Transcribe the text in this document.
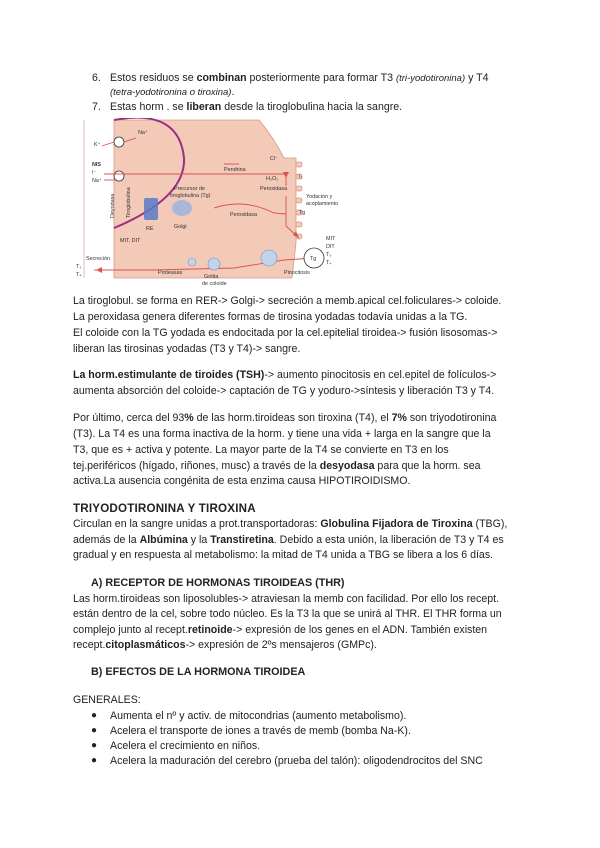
6. Estos residuos se combinan posteriormente para formar T3 (tri-yodotironina) y T4
(tetra-yodotironina o tiroxina).
7. Estas horm . se liberan desde la tiroglobulina hacia la sangre.
Na⁺
K⁺
NIS
I⁻
Na⁺
Cl⁻
Pendrina
H₂O₂
Peroxidasa
I₂
Tg
Yodación y
acoplamiento
Precursor de
tiroglobulina (Tg)
Deyodasa Tiroglobulina
RE	Golgi
Peroxidasa
MIT, DIT
Secreción
T₃
T₄	Proteasas
Gotita
de coloide
Pinocitosis
MIT
DIT
T₃
T₄
Tg
La tiroglobul. se forma en RER-> Golgi-> secreción a memb.apical cel.foliculares-> coloide.
La peroxidasa genera diferentes formas de tirosina yodadas todavía unidas a la TG.
El coloide con la TG yodada es endocitada por la cel.epitelial tiroidea-> fusión lisosomas->
liberan las tirosinas yodadas (T3 y T4)-> sangre.
La horm.estimulante de tiroides (TSH)-> aumento pinocitosis en cel.epitel de folículos->
aumenta absorción del coloide-> captación de TG y yoduro->síntesis y liberación T3 y T4.
Por último, cerca del 93% de las horm.tiroideas son tiroxina (T4), el 7% son triyodotironina
(T3). La T4 es una forma inactiva de la horm. y tiene una vida + larga en la sangre que la
T3, que es + activa y potente. La mayor parte de la T4 se convierte en T3 en los
tej.periféricos (hígado, riñones, musc) a través de la desyodasa para que la horm. sea
activa.La ausencia congénita de esta enzima causa HIPOTIROIDISMO.
TRIYODOTIRONINA Y TIROXINA
Circulan en la sangre unidas a prot.transportadoras: Globulina Fijadora de Tiroxina (TBG),
además de la Albúmina y la Transtiretina. Debido a esta unión, la liberación de T3 y T4 es
gradual y en respuesta al metabolismo: la mitad de T4 unida a TBG se libera a los 6 días.
A) RECEPTOR DE HORMONAS TIROIDEAS (THR)
Las horm.tiroideas son liposolubles-> atraviesan la memb con facilidad. Por ello los recept.
están dentro de la cel, sobre todo núcleo. Es la T3 la que se unirá al THR. El THR forma un
complejo junto al recept.retinoide-> expresión de los genes en el ADN. También existen
recept.citoplasmáticos-> expresión de 2ºs mensajeros (GMPc).
B) EFECTOS DE LA HORMONA TIROIDEA
GENERALES:
● Aumenta el nº y activ. de mitocondrias (aumento metabolismo).
● Acelera el transporte de iones a través de memb (bomba Na-K).
● Acelera el crecimiento en niños.
● Acelera la maduración del cerebro (prueba del talón): oligodendrocitos del SNC
